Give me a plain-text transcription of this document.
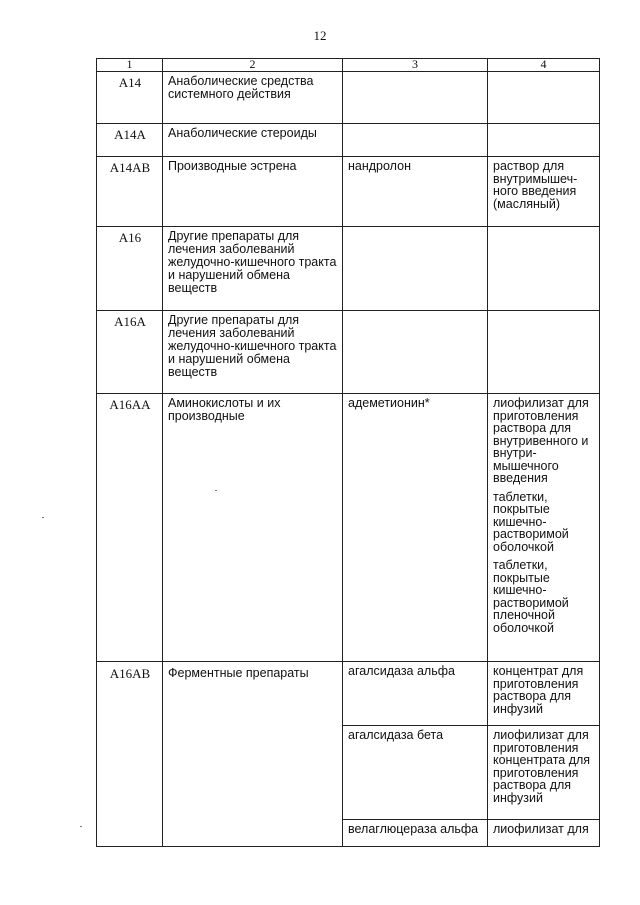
12
1	2	3	4
A14	Анаболические средства системного действия		
A14A	Анаболические стероиды		
A14AB	Производные эстрена	нандролон	раствор для внутримышеч-ного введения (масляный)

A16	Другие препараты для лечения заболеваний желудочно-кишечного тракта и нарушений обмена веществ		
A16A	Другие препараты для лечения заболеваний желудочно-кишечного тракта и нарушений обмена веществ		
A16AA	Аминокислоты и их производные	адеметионин*	лиофилизат для приготовления раствора для внутривенного и внутри-мышечного введения
таблетки, покрытые кишечно-растворимой оболочкой
таблетки, покрытые кишечно-растворимой пленочной оболочкой

A16AB	Ферментные препараты	агалсидаза альфа	концентрат для приготовления раствора для инфузий

		агалсидаза бета	лиофилизат для приготовления концентрата для приготовления раствора для инфузий

		велаглюцераза альфа	лиофилизат для
